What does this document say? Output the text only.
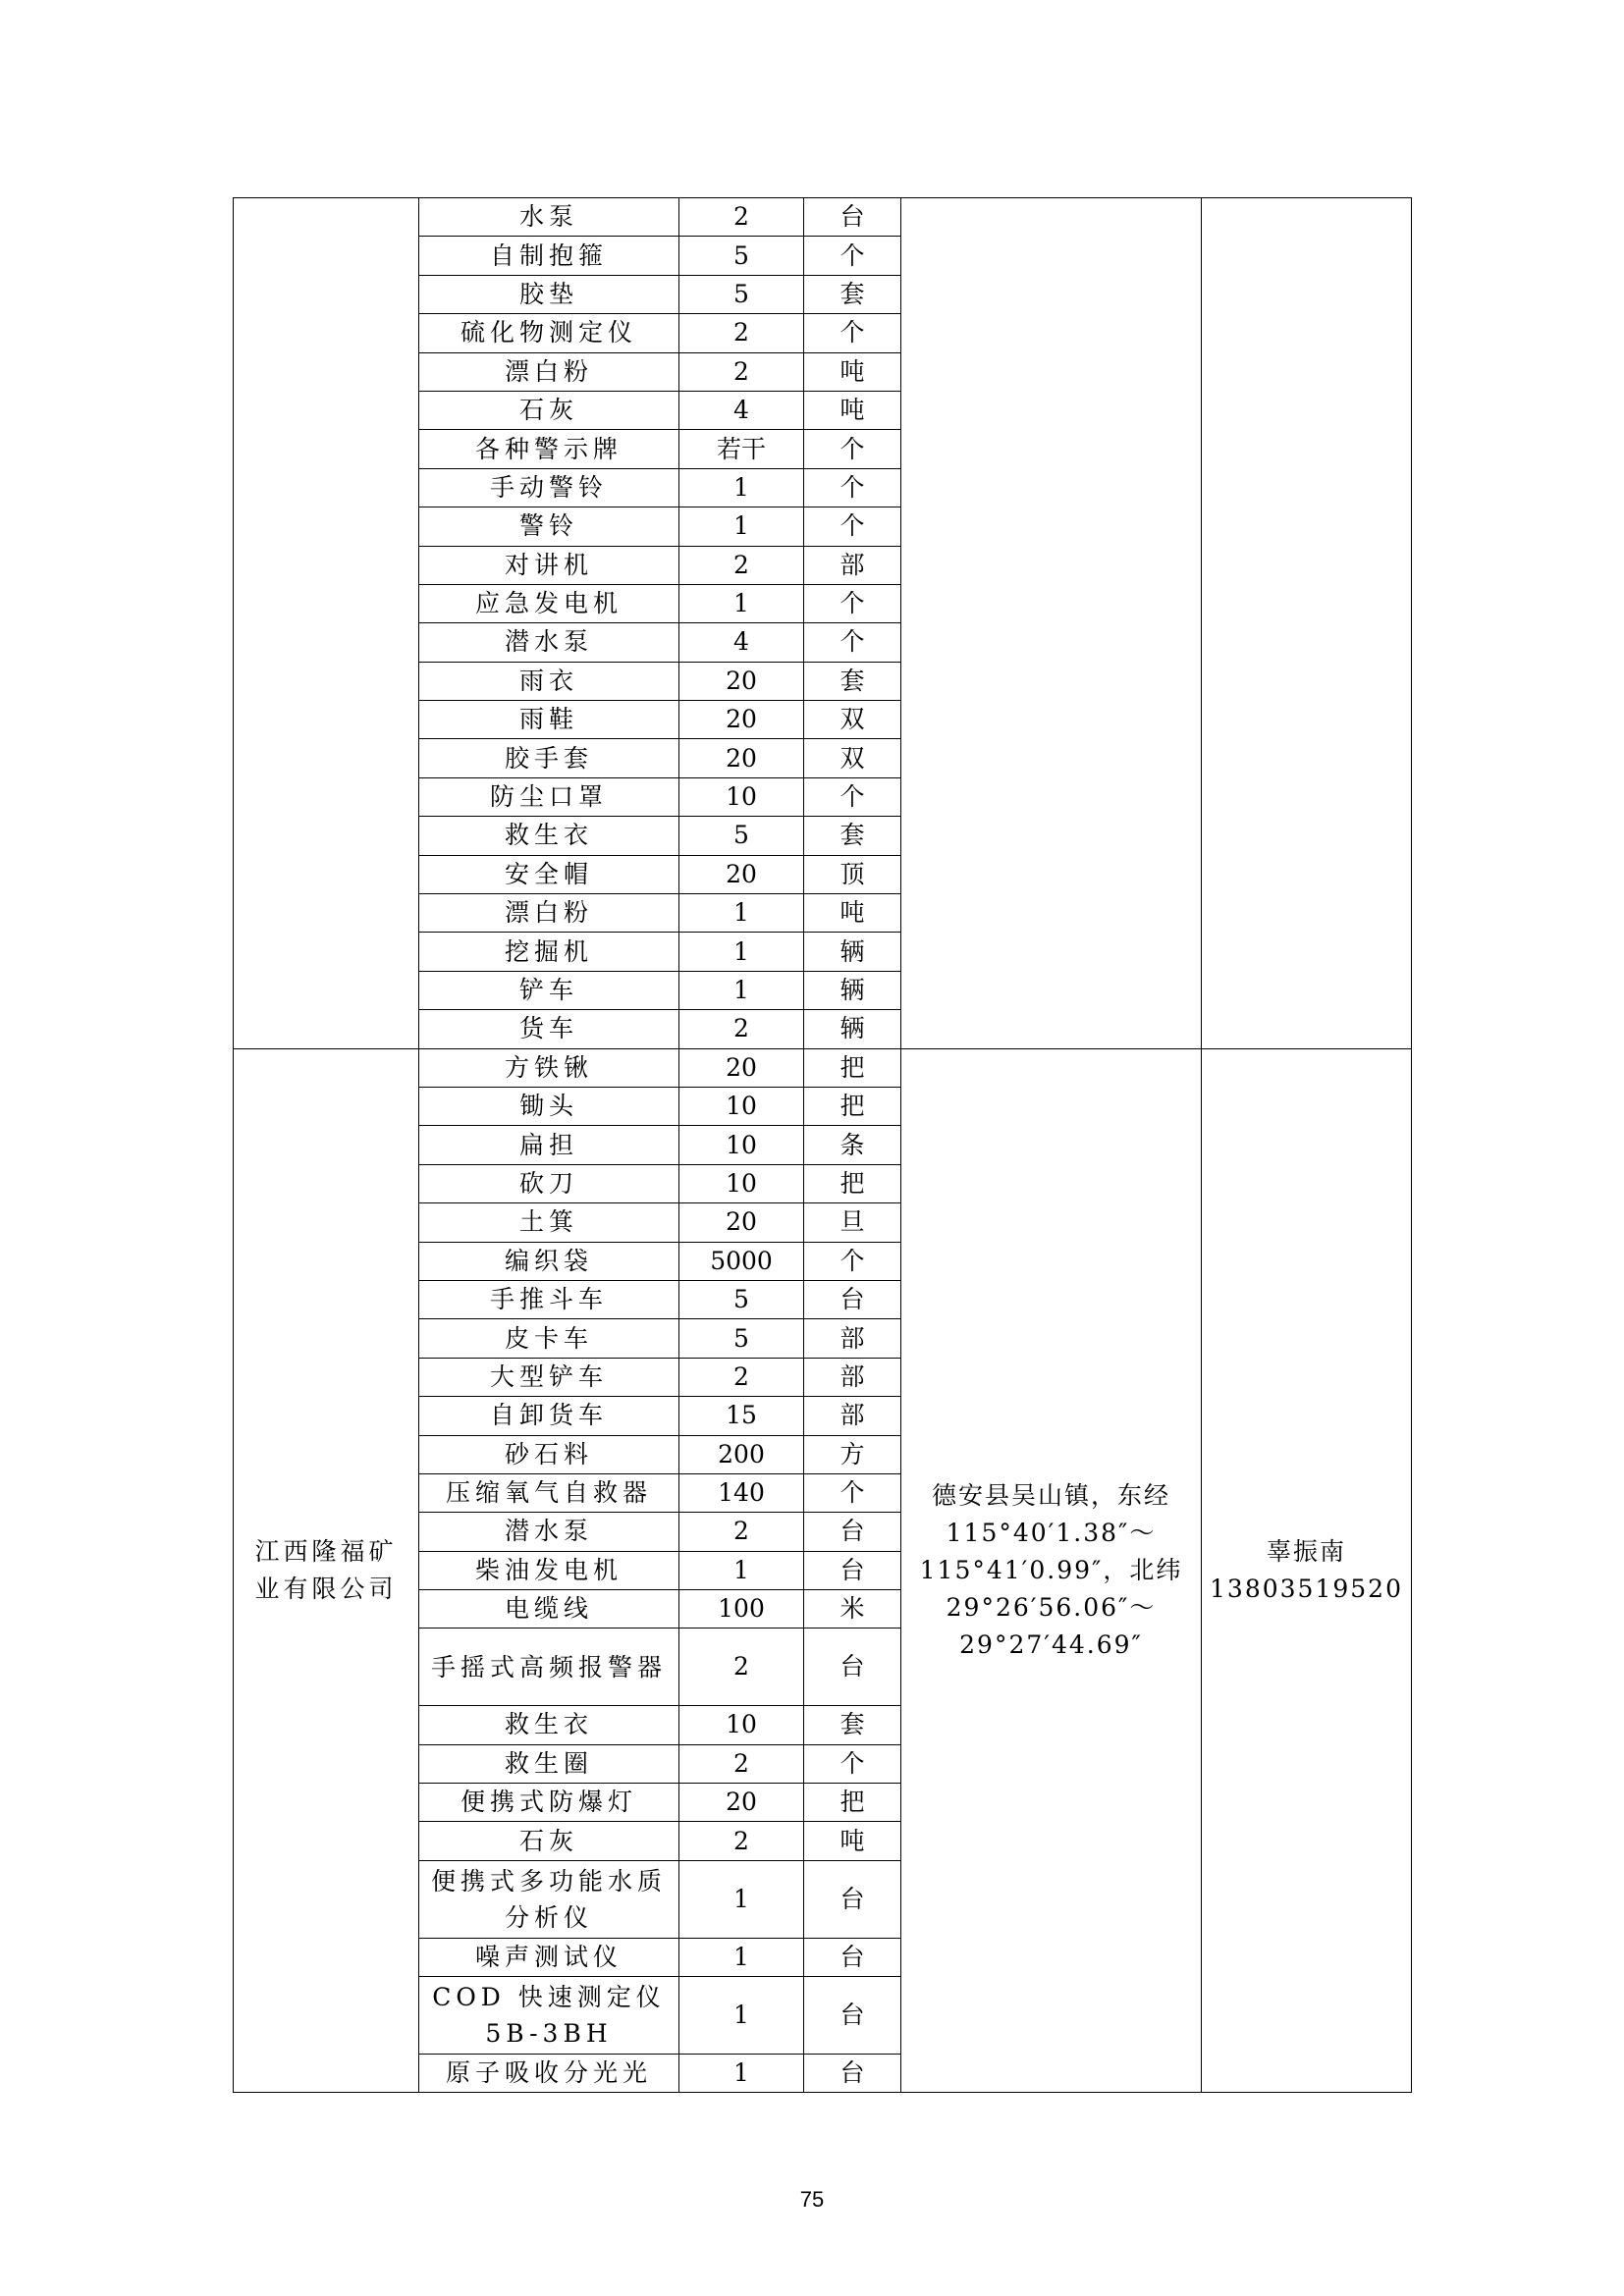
	水泵	2	台		
	自制抱箍	5	个		
	胶垫	5	套		
	硫化物测定仪	2	个		
	漂白粉	2	吨		
	石灰	4	吨		
	各种警示牌	若干	个		
	手动警铃	1	个		
	警铃	1	个		
	对讲机	2	部		
	应急发电机	1	个		
	潜水泵	4	个		
	雨衣	20	套		
	雨鞋	20	双		
	胶手套	20	双		
	防尘口罩	10	个		
	救生衣	5	套		
	安全帽	20	顶		
	漂白粉	1	吨		
	挖掘机	1	辆		
	铲车	1	辆		
	货车	2	辆		
江西隆福矿业有限公司	方铁锹	20	把	德安县吴山镇，东经115°40′1.38″～115°41′0.99″，北纬29°26′56.06″～29°27′44.69″	辜振南 13803519520
	锄头	10	把		
	扁担	10	条		
	砍刀	10	把		
	土箕	20	旦		
	编织袋	5000	个		
	手推斗车	5	台		
	皮卡车	5	部		
	大型铲车	2	部		
	自卸货车	15	部		
	砂石料	200	方		
	压缩氧气自救器	140	个		
	潜水泵	2	台		
	柴油发电机	1	台		
	电缆线	100	米		
	手摇式高频报警器	2	台		
	救生衣	10	套		
	救生圈	2	个		
	便携式防爆灯	20	把		
	石灰	2	吨		
	便携式多功能水质分析仪	1	台		
	噪声测试仪	1	台		
	COD 快速测定仪 5B-3BH	1	台		
	原子吸收分光光	1	台		
75
